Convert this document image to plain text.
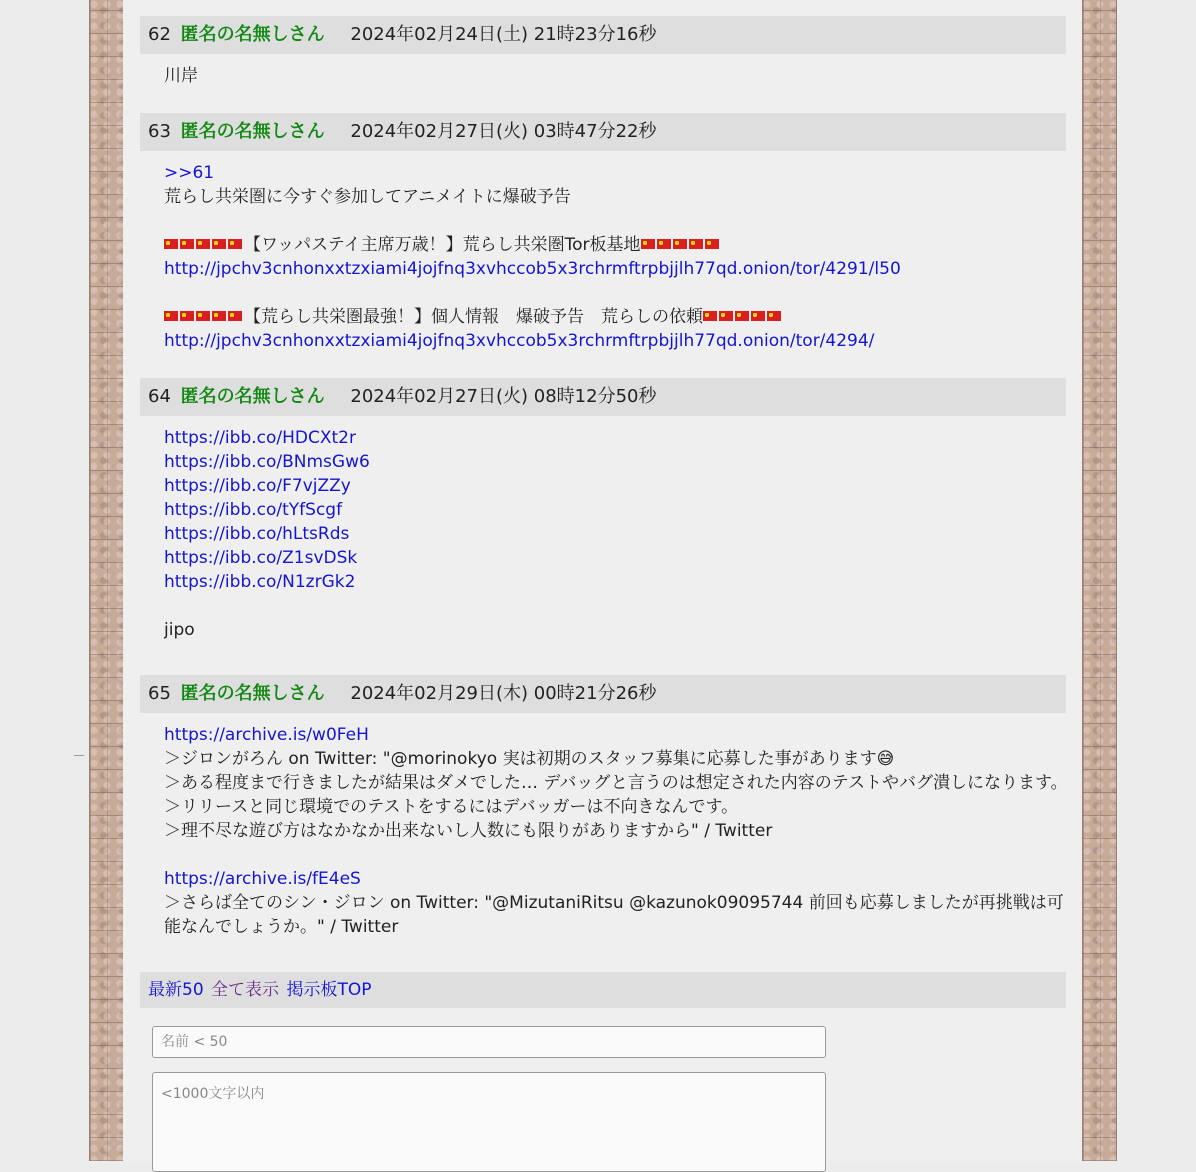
62 匿名の名無しさん 2024年02月24日(土) 21時23分16秒
川岸
63 匿名の名無しさん 2024年02月27日(火) 03時47分22秒
>>61
荒らし共栄圏に今すぐ参加してアニメイトに爆破予告
【ワッパステイ主席万歳！】荒らし共栄圏Tor板基地
http://jpchv3cnhonxxtzxiami4jojfnq3xvhccob5x3rchrmftrpbjjlh77qd.onion/tor/4291/l50
【荒らし共栄圏最強！】個人情報　爆破予告　荒らしの依頼
http://jpchv3cnhonxxtzxiami4jojfnq3xvhccob5x3rchrmftrpbjjlh77qd.onion/tor/4294/
64 匿名の名無しさん 2024年02月27日(火) 08時12分50秒
https://ibb.co/HDCXt2r
https://ibb.co/BNmsGw6
https://ibb.co/F7vjZZy
https://ibb.co/tYfScgf
https://ibb.co/hLtsRds
https://ibb.co/Z1svDSk
https://ibb.co/N1zrGk2
jipo
65 匿名の名無しさん 2024年02月29日(木) 00時21分26秒
https://archive.is/w0FeH
＞ジロンがろん on Twitter: "@morinokyo 実は初期のスタッフ募集に応募した事があります😅
＞ある程度まで行きましたが結果はダメでした… デバッグと言うのは想定された内容のテストやバグ潰しになります。
＞リリースと同じ環境でのテストをするにはデバッガーは不向きなんです。
＞理不尽な遊び方はなかなか出来ないし人数にも限りがありますから" / Twitter
https://archive.is/fE4eS
＞さらば全てのシン・ジロン on Twitter: "@MizutaniRitsu @kazunok09095744 前回も応募しましたが再挑戦は可能なんでしょうか。" / Twitter
最新50 全て表示 掲示板TOP
名前 < 50
<1000文字以内
